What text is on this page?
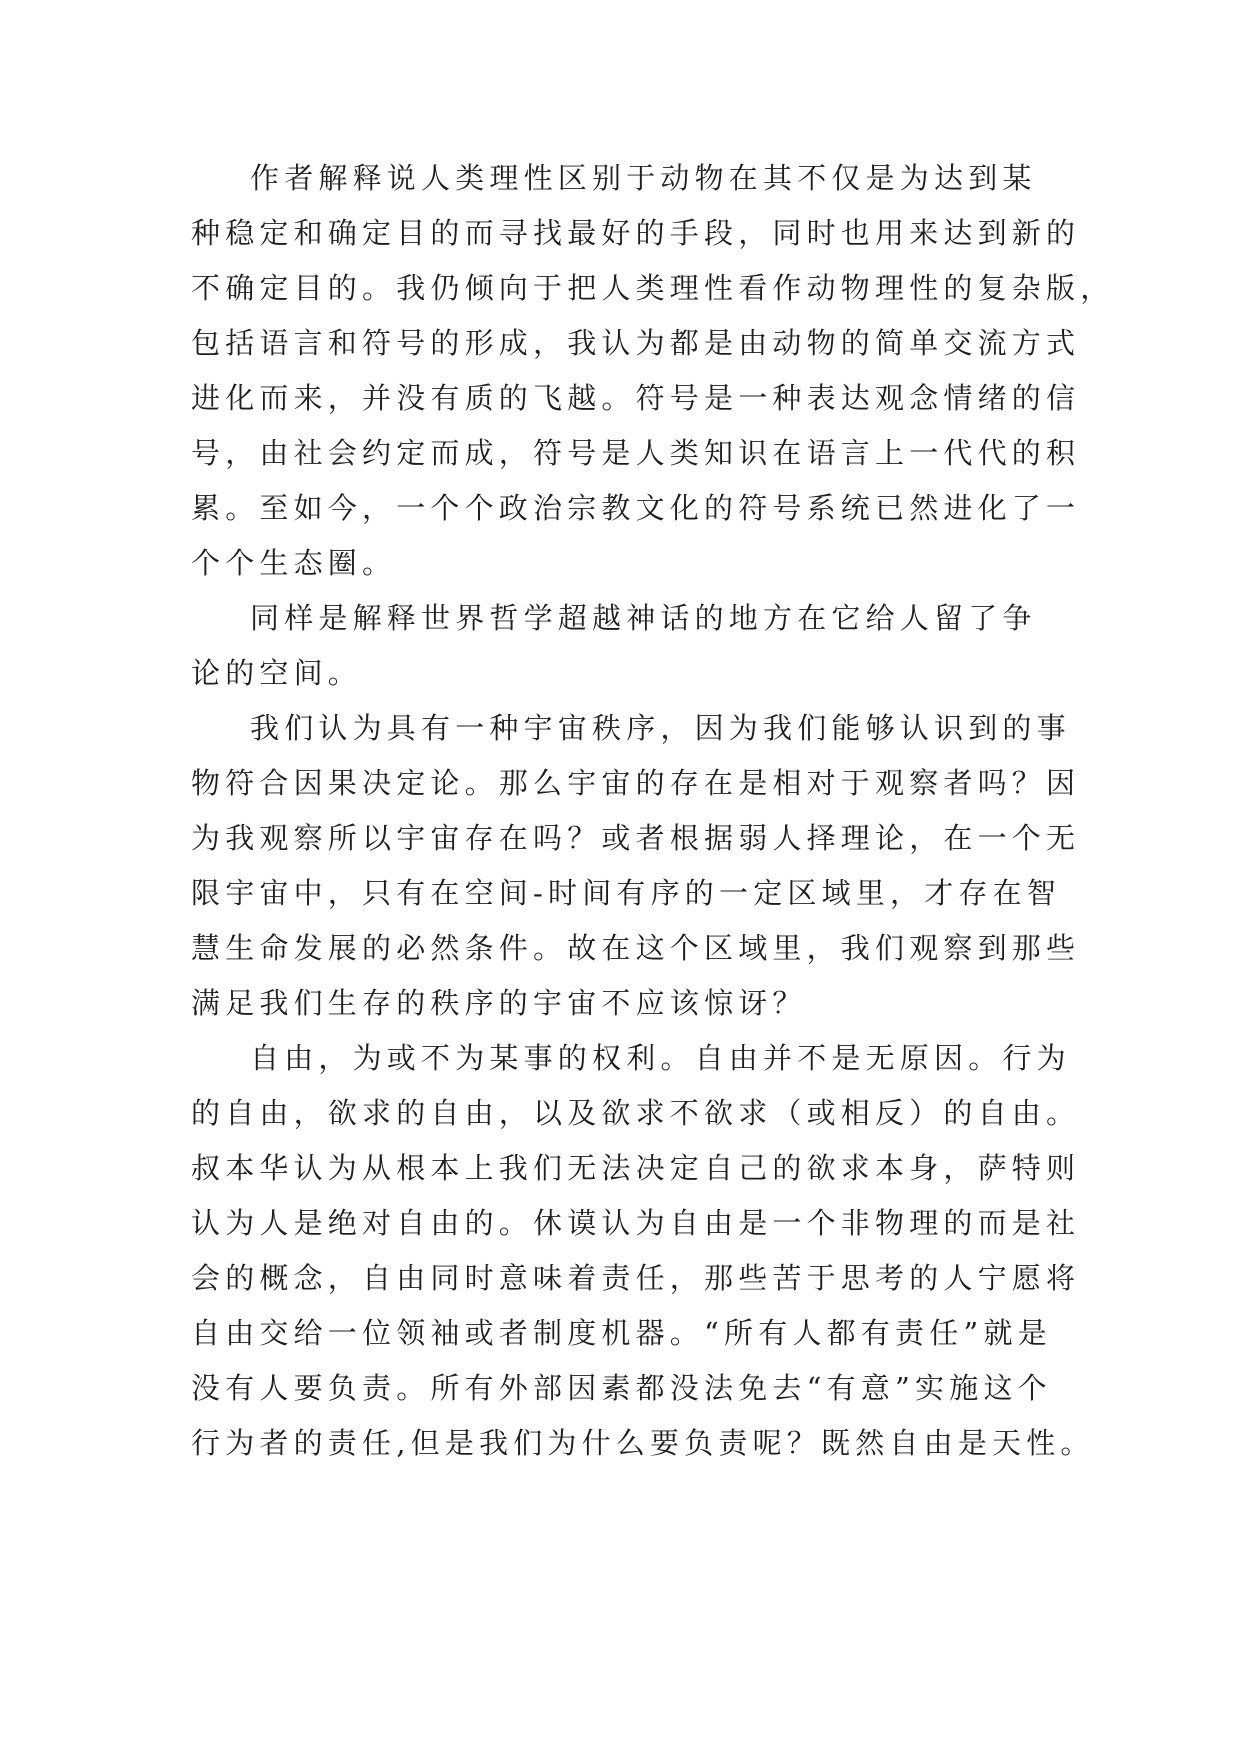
作者解释说人类理性区别于动物在其不仅是为达到某
种稳定和确定目的而寻找最好的手段，同时也用来达到新的
不确定目的。我仍倾向于把人类理性看作动物理性的复杂版，
包括语言和符号的形成，我认为都是由动物的简单交流方式
进化而来，并没有质的飞越。符号是一种表达观念情绪的信
号，由社会约定而成，符号是人类知识在语言上一代代的积
累。至如今，一个个政治宗教文化的符号系统已然进化了一
个个生态圈。
同样是解释世界哲学超越神话的地方在它给人留了争
论的空间。
我们认为具有一种宇宙秩序，因为我们能够认识到的事
物符合因果决定论。那么宇宙的存在是相对于观察者吗？因
为我观察所以宇宙存在吗？或者根据弱人择理论，在一个无
限宇宙中，只有在空间-时间有序的一定区域里，才存在智
慧生命发展的必然条件。故在这个区域里，我们观察到那些
满足我们生存的秩序的宇宙不应该惊讶？
自由，为或不为某事的权利。自由并不是无原因。行为
的自由，欲求的自由，以及欲求不欲求（或相反）的自由。
叔本华认为从根本上我们无法决定自己的欲求本身，萨特则
认为人是绝对自由的。休谟认为自由是一个非物理的而是社
会的概念，自由同时意味着责任，那些苦于思考的人宁愿将
自由交给一位领袖或者制度机器。“所有人都有责任”就是
没有人要负责。所有外部因素都没法免去“有意”实施这个
行为者的责任,但是我们为什么要负责呢？既然自由是天性。
